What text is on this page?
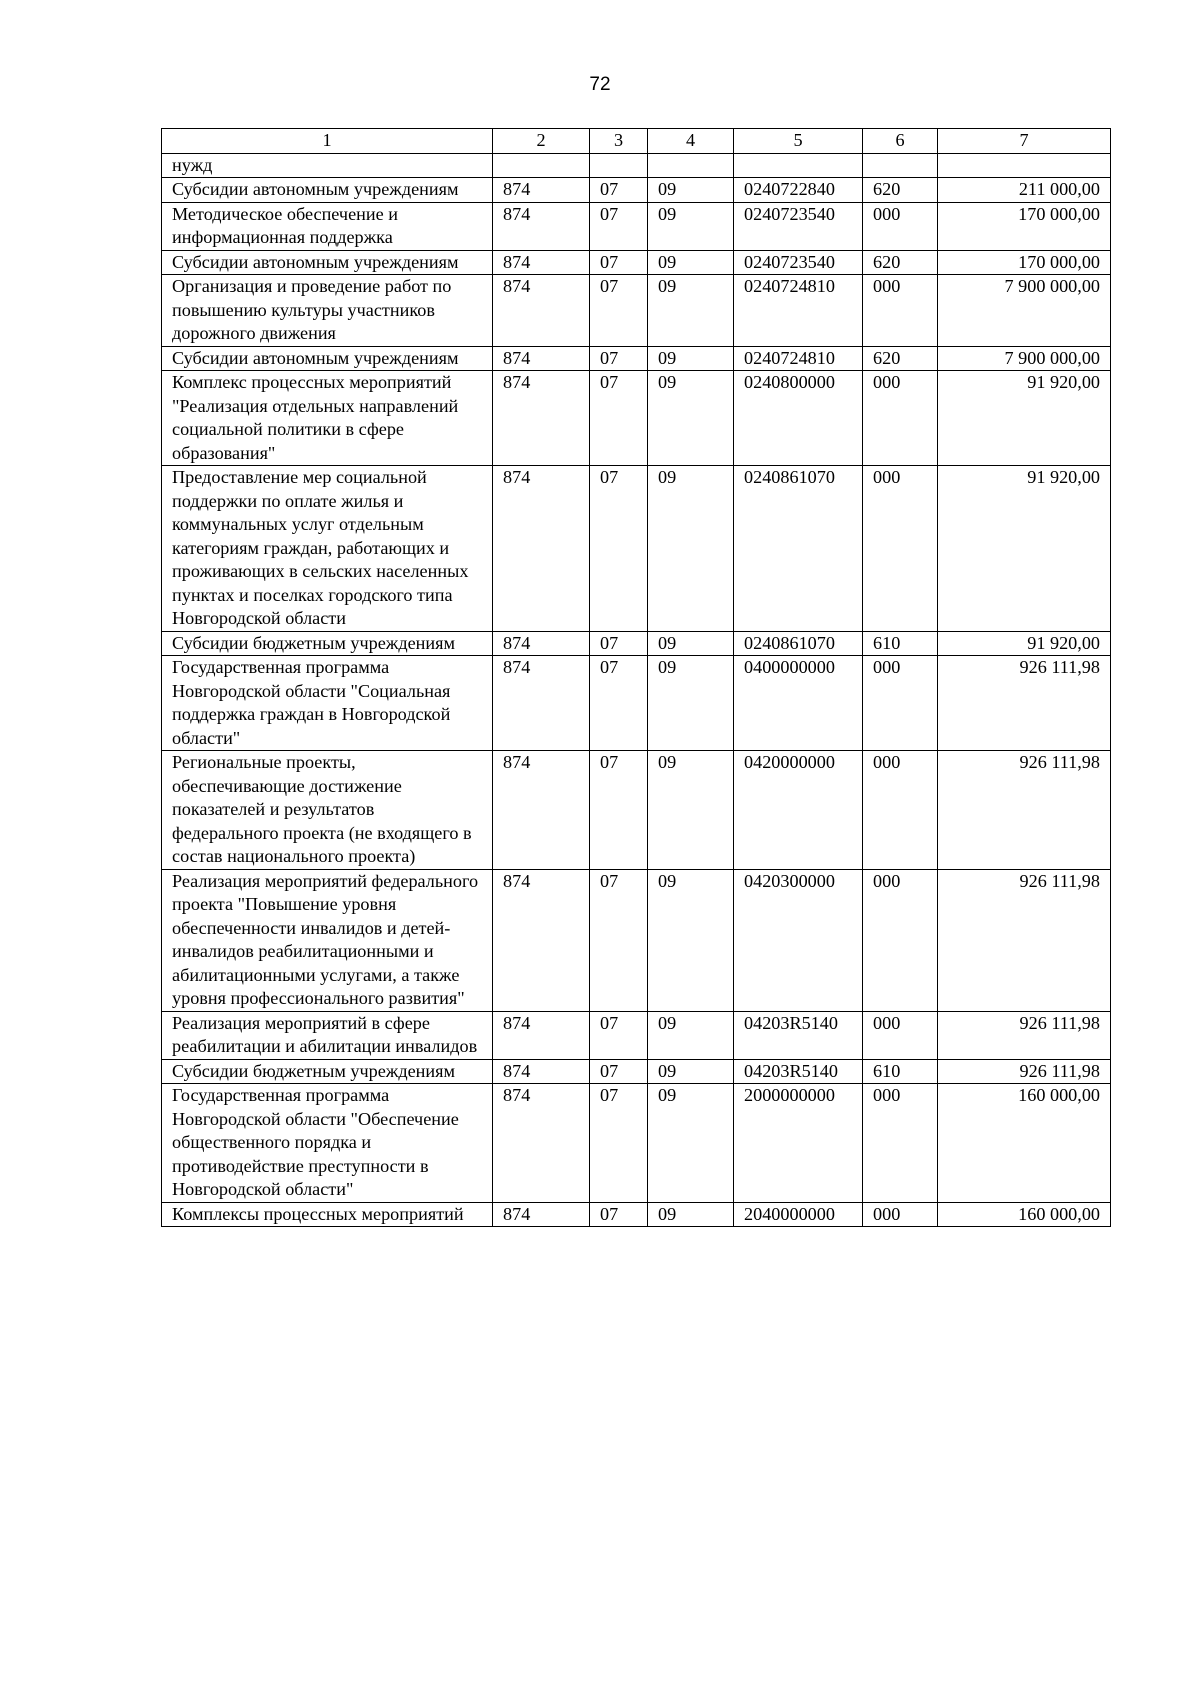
72
1	2	3	4	5	6	7
нужд						
Субсидии автономным учреждениям	874	07	09	0240722840	620	211 000,00
Методическое обеспечение и информационная поддержка	874	07	09	0240723540	000	170 000,00
Субсидии автономным учреждениям	874	07	09	0240723540	620	170 000,00
Организация и проведение работ по повышению культуры участников дорожного движения	874	07	09	0240724810	000	7 900 000,00
Субсидии автономным учреждениям	874	07	09	0240724810	620	7 900 000,00
Комплекс процессных мероприятий "Реализация отдельных направлений социальной политики в сфере образования"	874	07	09	0240800000	000	91 920,00
Предоставление мер социальной поддержки по оплате жилья и коммунальных услуг отдельным категориям граждан, работающих и проживающих в сельских населенных пунктах и поселках городского типа Новгородской области	874	07	09	0240861070	000	91 920,00
Субсидии бюджетным учреждениям	874	07	09	0240861070	610	91 920,00
Государственная программа Новгородской области "Социальная поддержка граждан в Новгородской области"	874	07	09	0400000000	000	926 111,98
Региональные проекты, обеспечивающие достижение показателей и результатов федерального проекта (не входящего в состав национального проекта)	874	07	09	0420000000	000	926 111,98
Реализация мероприятий федерального проекта "Повышение уровня обеспеченности инвалидов и детей-инвалидов реабилитационными и абилитационными услугами, а также уровня профессионального развития"	874	07	09	0420300000	000	926 111,98
Реализация мероприятий в сфере реабилитации и абилитации инвалидов	874	07	09	04203R5140	000	926 111,98
Субсидии бюджетным учреждениям	874	07	09	04203R5140	610	926 111,98
Государственная программа Новгородской области "Обеспечение общественного порядка и противодействие преступности в Новгородской области"	874	07	09	2000000000	000	160 000,00
Комплексы процессных мероприятий	874	07	09	2040000000	000	160 000,00
